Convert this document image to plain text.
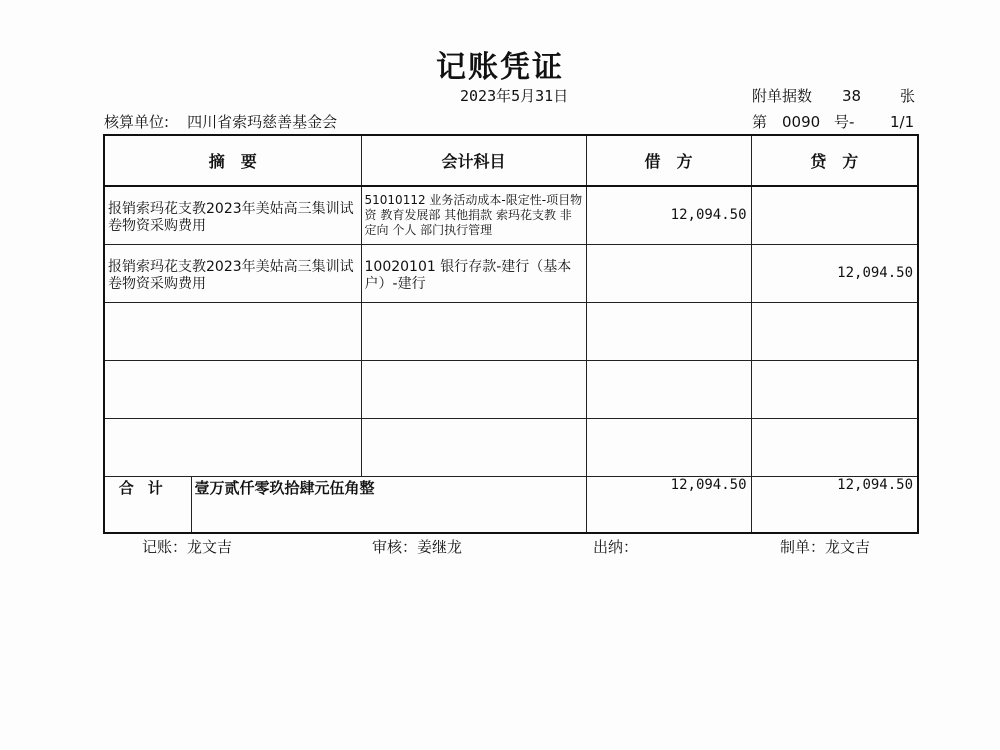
记账凭证
2023年5月31日	附单据数 38	张
核算单位: 四川省索玛慈善基金会	第 0090 号- 1/1
摘　要		会计科目	借　方	贷　方

报销索玛花支教2023年美姑高三集训试卷物资采购费用		51010112 业务活动成本-限定性-项目物资 教育发展部 其他捐款 索玛花支教 非定向 个人 部门执行管理	12,094.50	

报销索玛花支教2023年美姑高三集训试卷物资采购费用		10020101 银行存款-建行（基本户）-建行		12,094.50

合计	壹万贰仟零玖拾肆元伍角整		12,094.50	12,094.50
记账：龙文吉	审核：姜继龙	出纳：	制单：龙文吉
